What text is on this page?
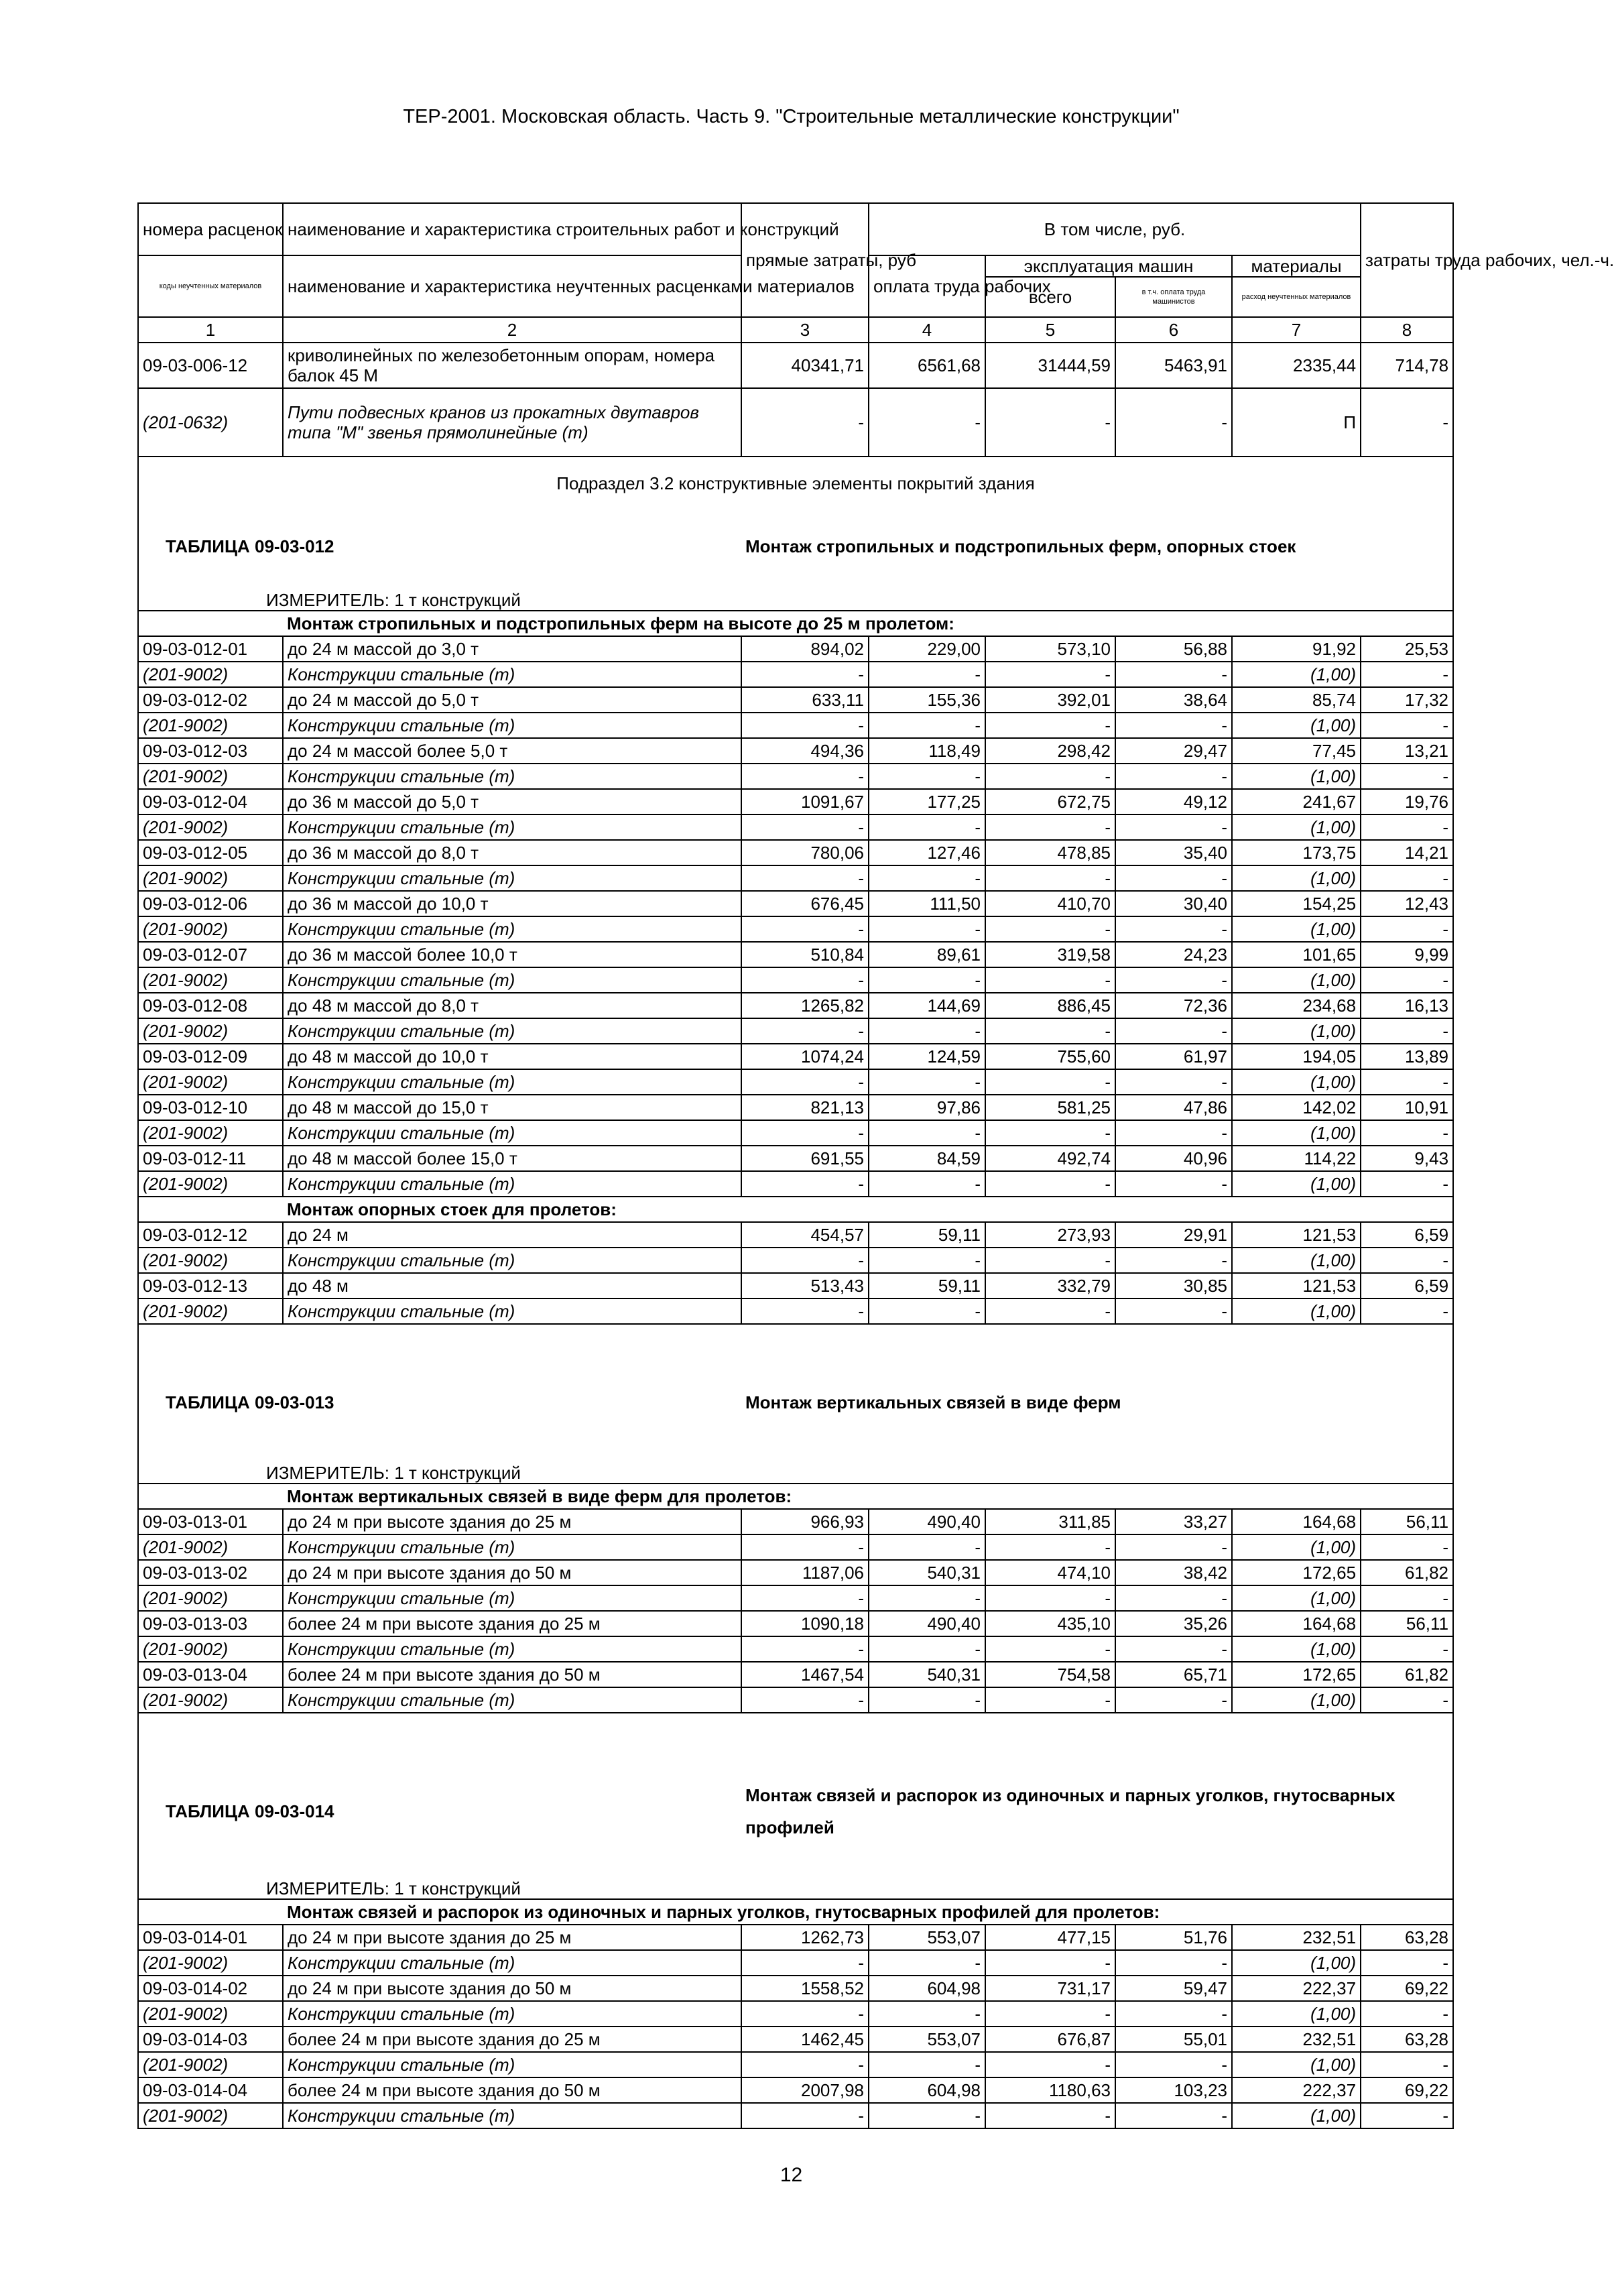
ТЕР-2001. Московская область. Часть 9. "Строительные металлические конструкции"
номера расценок	наименование и характеристика строительных работ и конструкций	прямые затраты, руб	В том числе, руб.				затраты труда рабочих, чел.-ч.
коды неучтенных материалов	наименование и характеристика неучтенных расценками материалов		оплата труда рабочих	эксплуатация машин		материалы	
				всего	в т.ч. оплата труда машинистов	расход неучтенных материалов	
1	2	3	4	5	6	7	8
09-03-006-12	криволинейных по железобетонным опорам, номера балок 45 М	40341,71	6561,68	31444,59	5463,91	2335,44	714,78
(201-0632)	Пути подвесных кранов из прокатных двутавров типа "М" звенья прямолинейные (т)	-	-	-	-	П	-
Подраздел 3.2 конструктивные элементы покрытий здания							
ТАБЛИЦА 09-03-012		Монтаж стропильных и подстропильных ферм, опорных стоек					
ИЗМЕРИТЕЛЬ: 1 т конструкций							
	Монтаж стропильных и подстропильных ферм на высоте до 25 м пролетом:						
09-03-012-01	до 24 м массой до 3,0 т	894,02	229,00	573,10	56,88	91,92	25,53
(201-9002)	Конструкции стальные (т)	-	-	-	-	(1,00)	-
09-03-012-02	до 24 м массой до 5,0 т	633,11	155,36	392,01	38,64	85,74	17,32
(201-9002)	Конструкции стальные (т)	-	-	-	-	(1,00)	-
09-03-012-03	до 24 м массой более 5,0 т	494,36	118,49	298,42	29,47	77,45	13,21
(201-9002)	Конструкции стальные (т)	-	-	-	-	(1,00)	-
09-03-012-04	до 36 м массой до 5,0 т	1091,67	177,25	672,75	49,12	241,67	19,76
(201-9002)	Конструкции стальные (т)	-	-	-	-	(1,00)	-
09-03-012-05	до 36 м массой до 8,0 т	780,06	127,46	478,85	35,40	173,75	14,21
(201-9002)	Конструкции стальные (т)	-	-	-	-	(1,00)	-
09-03-012-06	до 36 м массой до 10,0 т	676,45	111,50	410,70	30,40	154,25	12,43
(201-9002)	Конструкции стальные (т)	-	-	-	-	(1,00)	-
09-03-012-07	до 36 м массой более 10,0 т	510,84	89,61	319,58	24,23	101,65	9,99
(201-9002)	Конструкции стальные (т)	-	-	-	-	(1,00)	-
09-03-012-08	до 48 м массой до 8,0 т	1265,82	144,69	886,45	72,36	234,68	16,13
(201-9002)	Конструкции стальные (т)	-	-	-	-	(1,00)	-
09-03-012-09	до 48 м массой до 10,0 т	1074,24	124,59	755,60	61,97	194,05	13,89
(201-9002)	Конструкции стальные (т)	-	-	-	-	(1,00)	-
09-03-012-10	до 48 м массой до 15,0 т	821,13	97,86	581,25	47,86	142,02	10,91
(201-9002)	Конструкции стальные (т)	-	-	-	-	(1,00)	-
09-03-012-11	до 48 м массой более 15,0 т	691,55	84,59	492,74	40,96	114,22	9,43
(201-9002)	Конструкции стальные (т)	-	-	-	-	(1,00)	-
	Монтаж опорных стоек для пролетов:						
09-03-012-12	до 24 м	454,57	59,11	273,93	29,91	121,53	6,59
(201-9002)	Конструкции стальные (т)	-	-	-	-	(1,00)	-
09-03-012-13	до 48 м	513,43	59,11	332,79	30,85	121,53	6,59
(201-9002)	Конструкции стальные (т)	-	-	-	-	(1,00)	-

ТАБЛИЦА 09-03-013		Монтаж вертикальных связей в виде ферм					
ИЗМЕРИТЕЛЬ: 1 т конструкций							
	Монтаж вертикальных связей в виде ферм для пролетов:						
09-03-013-01	до 24 м при высоте здания до 25 м	966,93	490,40	311,85	33,27	164,68	56,11
(201-9002)	Конструкции стальные (т)	-	-	-	-	(1,00)	-
09-03-013-02	до 24 м при высоте здания до 50 м	1187,06	540,31	474,10	38,42	172,65	61,82
(201-9002)	Конструкции стальные (т)	-	-	-	-	(1,00)	-
09-03-013-03	более 24 м при высоте здания до 25 м	1090,18	490,40	435,10	35,26	164,68	56,11
(201-9002)	Конструкции стальные (т)	-	-	-	-	(1,00)	-
09-03-013-04	более 24 м при высоте здания до 50 м	1467,54	540,31	754,58	65,71	172,65	61,82
(201-9002)	Конструкции стальные (т)	-	-	-	-	(1,00)	-

ТАБЛИЦА 09-03-014		Монтаж связей и распорок из одиночных и парных уголков, гнутосварных профилей					
ИЗМЕРИТЕЛЬ: 1 т конструкций							
	Монтаж связей и распорок из одиночных и парных уголков, гнутосварных профилей для пролетов:						
09-03-014-01	до 24 м при высоте здания до 25 м	1262,73	553,07	477,15	51,76	232,51	63,28
(201-9002)	Конструкции стальные (т)	-	-	-	-	(1,00)	-
09-03-014-02	до 24 м при высоте здания до 50 м	1558,52	604,98	731,17	59,47	222,37	69,22
(201-9002)	Конструкции стальные (т)	-	-	-	-	(1,00)	-
09-03-014-03	более 24 м при высоте здания до 25 м	1462,45	553,07	676,87	55,01	232,51	63,28
(201-9002)	Конструкции стальные (т)	-	-	-	-	(1,00)	-
09-03-014-04	более 24 м при высоте здания до 50 м	2007,98	604,98	1180,63	103,23	222,37	69,22
(201-9002)	Конструкции стальные (т)	-	-	-	-	(1,00)	-
12
